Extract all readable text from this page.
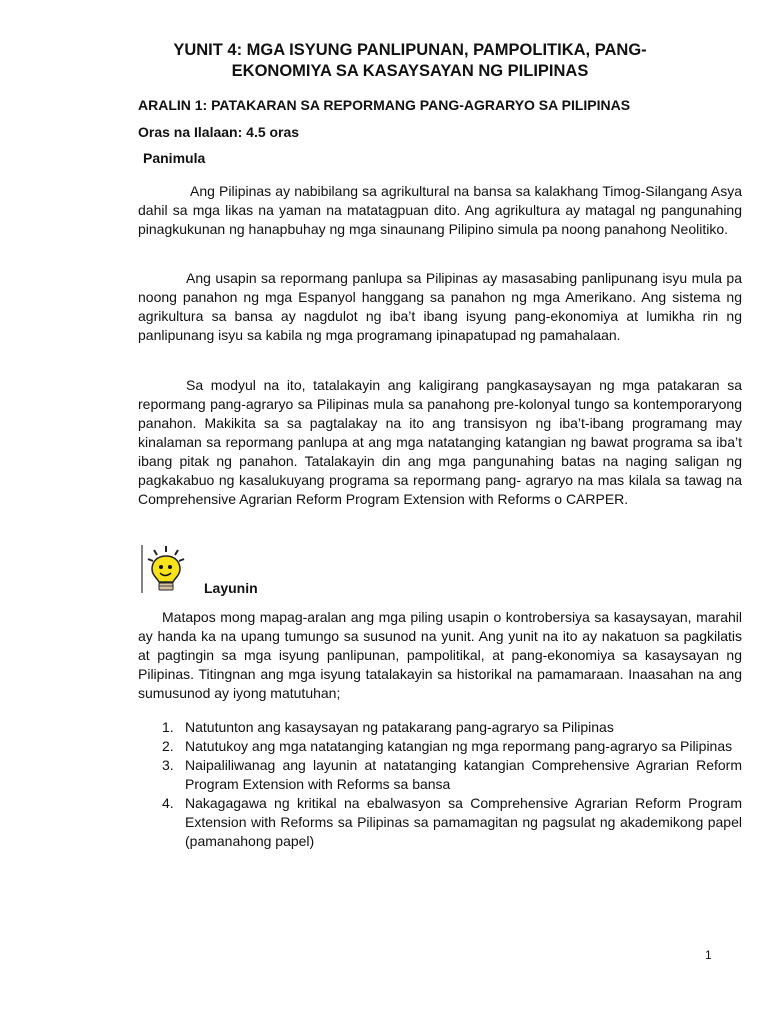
YUNIT 4: MGA ISYUNG PANLIPUNAN, PAMPOLITIKA, PANG-
EKONOMIYA SA KASAYSAYAN NG PILIPINAS

ARALIN 1: PATAKARAN SA REPORMANG PANG-AGRARYO SA PILIPINAS

Oras na Ilalaan: 4.5 oras

Panimula

Ang Pilipinas ay nabibilang sa agrikultural na bansa sa kalakhang Timog-Silangang Asya dahil sa mga likas na yaman na matatagpuan dito. Ang agrikultura ay matagal ng pangunahing pinagkukunan ng hanapbuhay ng mga sinaunang Pilipino simula pa noong panahong Neolitiko.

Ang usapin sa repormang panlupa sa Pilipinas ay masasabing panlipunang isyu mula pa noong panahon ng mga Espanyol hanggang sa panahon ng mga Amerikano. Ang sistema ng agrikultura sa bansa ay nagdulot ng iba’t ibang isyung pang-ekonomiya at lumikha rin ng panlipunang isyu sa kabila ng mga programang ipinapatupad ng pamahalaan.

Sa modyul na ito, tatalakayin ang kaligirang pangkasaysayan ng mga patakaran sa repormang pang-agraryo sa Pilipinas mula sa panahong pre-kolonyal tungo sa kontemporaryong panahon. Makikita sa sa pagtalakay na ito ang transisyon ng iba’t-ibang programang may kinalaman sa repormang panlupa at ang mga natatanging katangian ng bawat programa sa iba’t ibang pitak ng panahon. Tatalakayin din ang mga pangunahing batas na naging saligan ng pagkakabuo ng kasalukuyang programa sa repormang pang- agraryo na mas kilala sa tawag na Comprehensive Agrarian Reform Program Extension with Reforms o CARPER.

Layunin

Matapos mong mapag-aralan ang mga piling usapin o kontrobersiya sa kasaysayan, marahil ay handa ka na upang tumungo sa susunod na yunit. Ang yunit na ito ay nakatuon sa pagkilatis at pagtingin sa mga isyung panlipunan, pampolitikal, at pang-ekonomiya sa kasaysayan ng Pilipinas. Titingnan ang mga isyung tatalakayin sa historikal na pamamaraan. Inaasahan na ang sumusunod ay iyong matutuhan;

1. Natutunton ang kasaysayan ng patakarang pang-agraryo sa Pilipinas
2. Natutukoy ang mga natatanging katangian ng mga repormang pang-agraryo sa Pilipinas
3. Naipaliliwanag ang layunin at natatanging katangian Comprehensive Agrarian Reform Program Extension with Reforms sa bansa
4. Nakagagawa ng kritikal na ebalwasyon sa Comprehensive Agrarian Reform Program Extension with Reforms sa Pilipinas sa pamamagitan ng pagsulat ng akademikong papel (pamanahong papel)
1
